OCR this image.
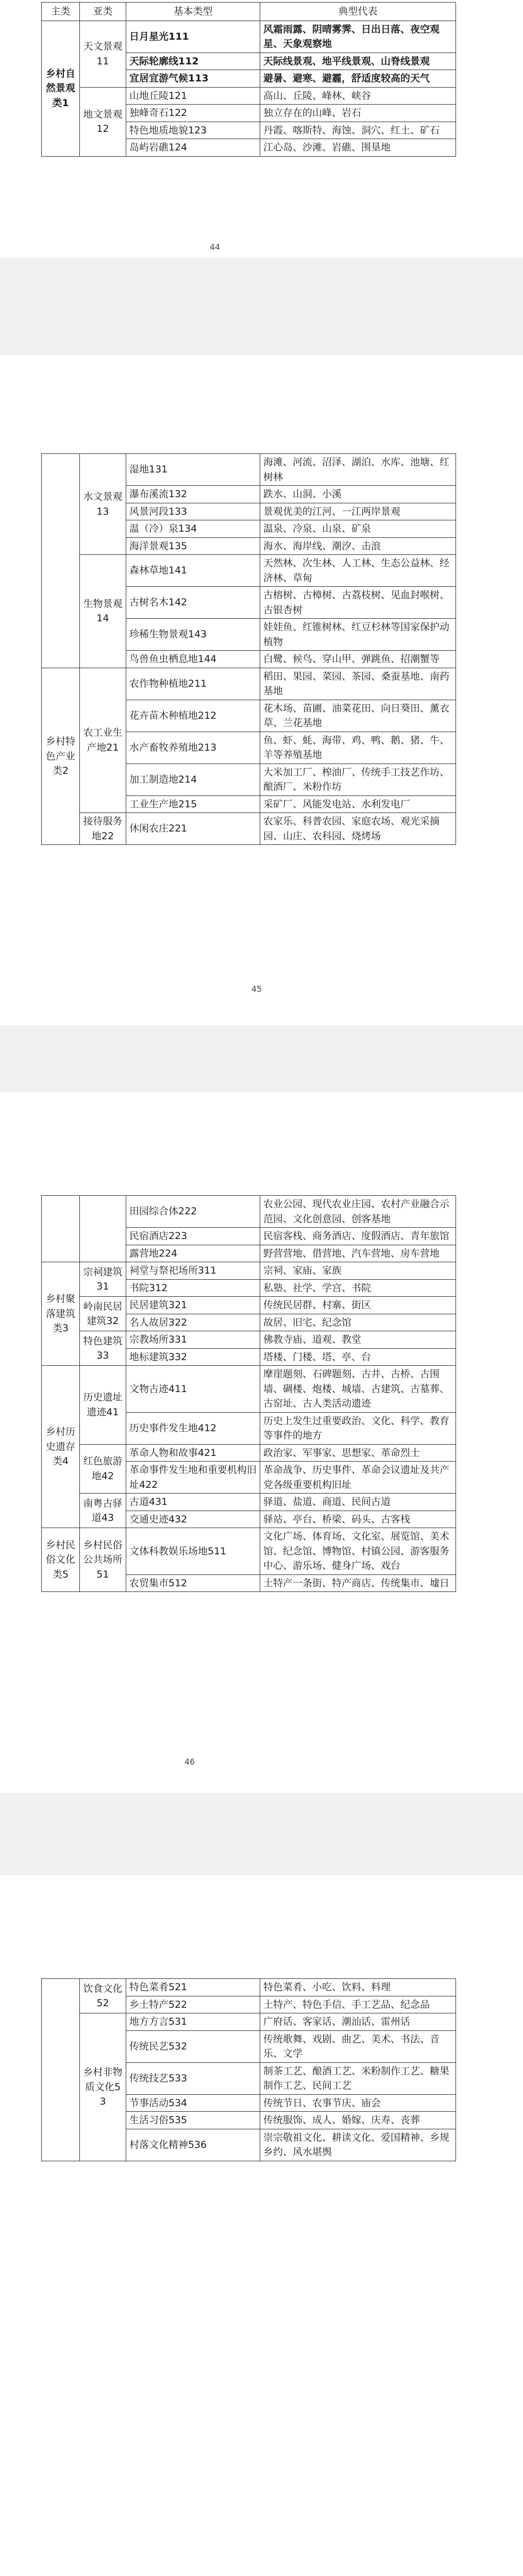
主类	亚类	基本类型	典型代表
乡村自然景观类1	天文景观11	日月星光111	风霜雨露、阴晴雾霁、日出日落、夜空观星、天象观察地
		天际轮廓线112	天际线景观、地平线景观、山脊线景观
		宜居宜游气候113	避暑、避寒、避霾，舒适度较高的天气
	地文景观12	山地丘陵121	高山、丘陵、峰林、峡谷
		独峰奇石122	独立存在的山峰、岩石
		特色地质地貌123	丹霞、喀斯特、海蚀、洞穴、红土、矿石
		岛屿岩礁124	江心岛、沙滩、岩礁、围垦地
44
	水文景观13	湿地131	海滩、河流、沼泽、湖泊、水库、池塘、红树林
		瀑布溪流132	跌水、山洞、小溪
		风景河段133	景观优美的江河、一江两岸景观
		温（冷）泉134	温泉、冷泉、山泉、矿泉
		海洋景观135	海水、海岸线、潮汐、击浪
	生物景观14	森林草地141	天然林、次生林、人工林、生态公益林、经济林、草甸
		古树名木142	古榕树、古樟树、古荔枝树、见血封喉树、古银杏树
		珍稀生物景观143	娃娃鱼、红锥树林、红豆杉林等国家保护动植物
		鸟兽鱼虫栖息地144	白鹭、候鸟、穿山甲、弹跳鱼、招潮蟹等
乡村特色产业类2	农工业生产地21	农作物种植地211	稻田、果园、菜园、茶园、桑蚕基地、南药基地
		花卉苗木种植地212	花木场、苗圃、油菜花田、向日葵田、薰衣草、兰花基地
		水产畜牧养殖地213	鱼、虾、蚝、海带、鸡、鸭、鹅、猪、牛、羊等养殖基地
		加工制造地214	大米加工厂、榨油厂、传统手工技艺作坊、酿酒厂、米粉作坊
		工业生产地215	采矿厂、风能发电站、水利发电厂
	接待服务地22	休闲农庄221	农家乐、科普农园、家庭农场、观光采摘园、山庄、农科园、烧烤场
45
		田园综合体222	农业公园、现代农业庄园、农村产业融合示范园、文化创意园、创客基地
		民宿酒店223	民宿客栈、商务酒店、度假酒店、青年旅馆
		露营地224	野营营地、借营地、汽车营地、房车营地
乡村聚落建筑类3	宗祠建筑31	祠堂与祭祀场所311	宗祠、家庙、家族
		书院312	私塾、社学、学宫、书院
	岭南民居建筑32	民居建筑321	传统民居群、村寨、街区
		名人故居322	故居、旧宅、纪念馆
	特色建筑33	宗教场所331	佛教寺庙、道观、教堂
		地标建筑332	塔楼、门楼、塔、亭、台
乡村历史遗存类4	历史遗址遗迹41	文物古迹411	摩崖题刻、石碑题刻、古井、古桥、古围墙、碉楼、炮楼、城墙、古建筑、古墓葬、古窑址、古人类活动遗迹
		历史事件发生地412	历史上发生过重要政治、文化、科学、教育等事件的地方
	红色旅游地42	革命人物和故事421	政治家、军事家、思想家、革命烈士
		革命事件发生地和重要机构旧址422	革命战争、历史事件、革命会议遗址及共产党各级重要机构旧址
	南粤古驿道43	古道431	驿道、盐道、商道、民间古道
		交通史迹432	驿站、亭台、桥梁、码头、古客栈
乡村民俗文化类5	乡村民俗公共场所51	文体科教娱乐场地511	文化广场、体育场、文化室、展览馆、美术馆、纪念馆、博物馆、村镇公园、游客服务中心、游乐场、健身广场、戏台
		农贸集市512	土特产一条街、特产商店、传统集市、墟日
46
	饮食文化52	特色菜肴521	特色菜肴、小吃、饮料、料理
		乡土特产522	土特产、特色手信、手工艺品、纪念品
	乡村非物质文化53	地方方言531	广府话、客家话、潮汕话、雷州话
		传统民艺532	传统歌舞、戏剧、曲艺、美术、书法、音乐、文学
		传统技艺533	制茶工艺、酿酒工艺、米粉制作工艺、糖果制作工艺、民间工艺
		节事活动534	传统节日、农事节庆、庙会
		生活习俗535	传统服饰、成人、婚嫁、庆寿、丧葬
		村落文化精神536	崇宗敬祖文化、耕读文化、爱国精神、乡规乡约、风水堪舆
